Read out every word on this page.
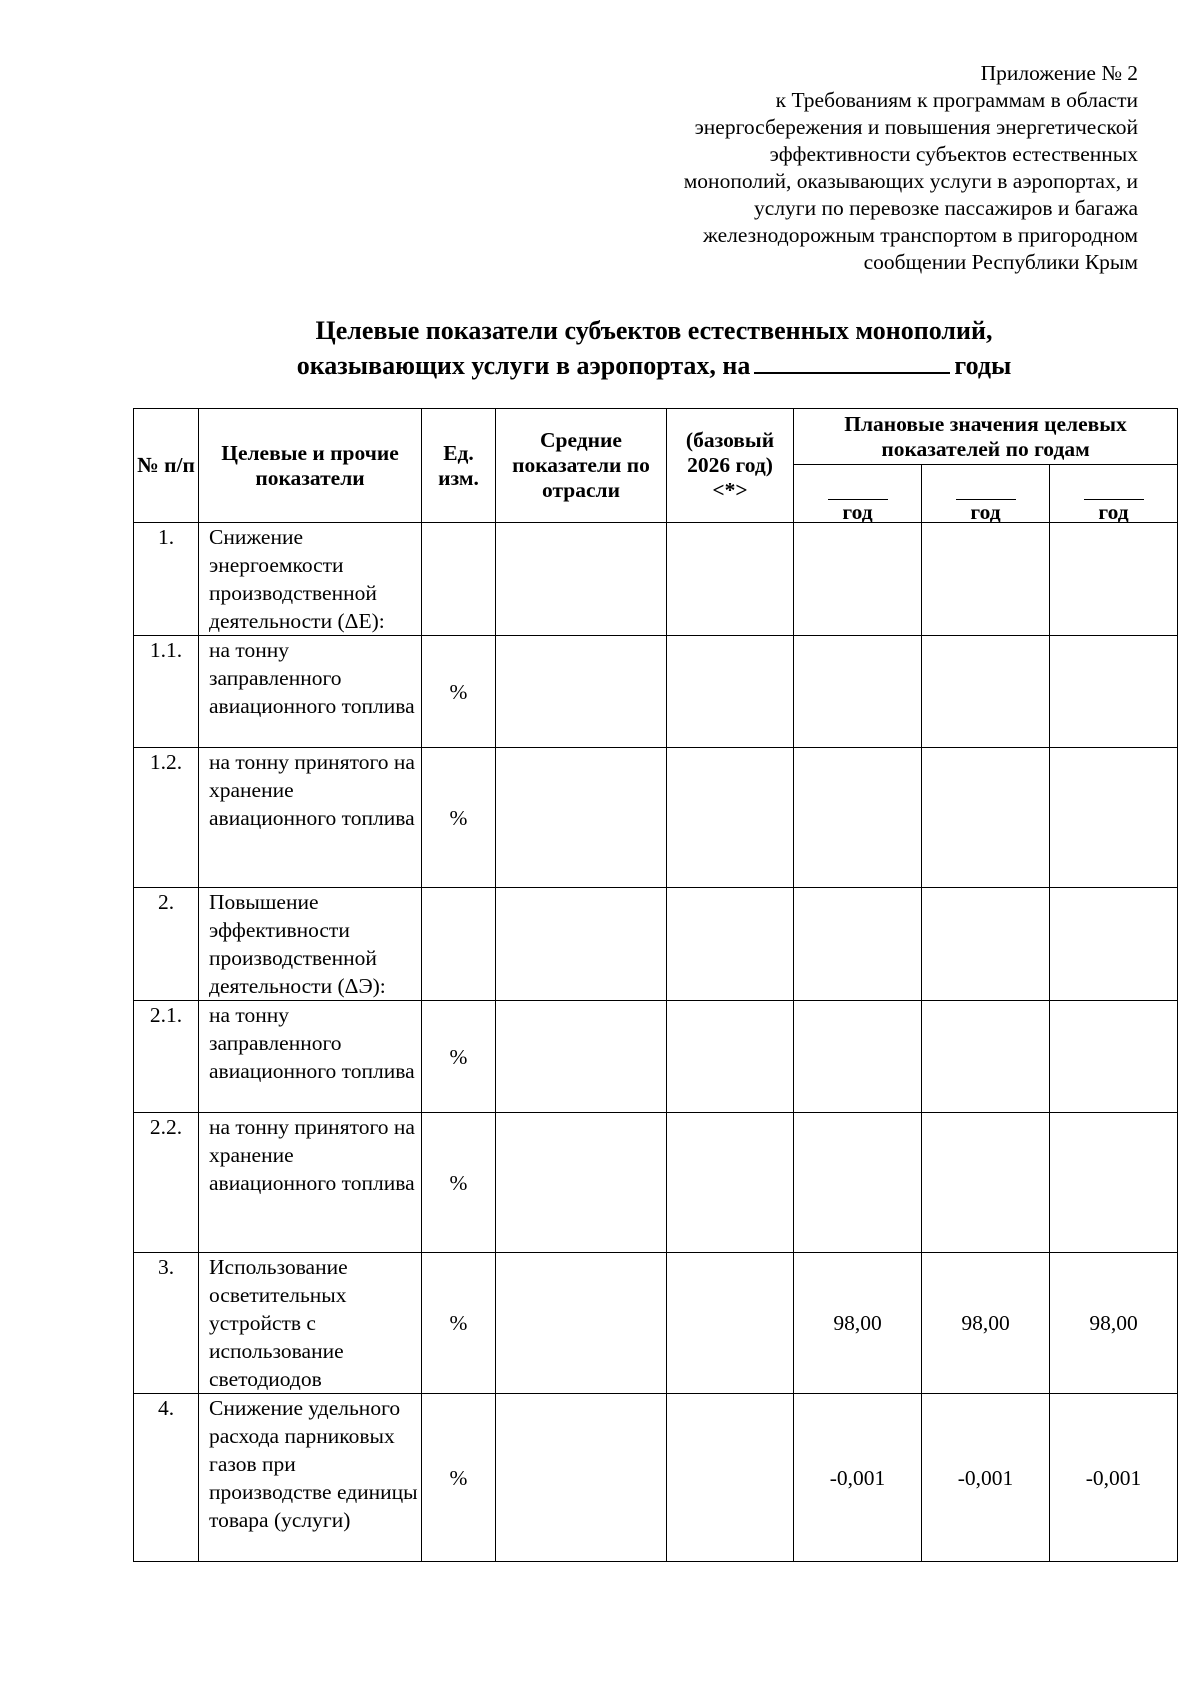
Приложение № 2
к Требованиям к программам в области
энергосбережения и повышения энергетической
эффективности субъектов естественных
монополий, оказывающих услуги в аэропортах, и
услуги по перевозке пассажиров и багажа
железнодорожным транспортом в пригородном
сообщении Республики Крым
Целевые показатели субъектов естественных монополий,
оказывающих услуги в аэропортах, на	годы
№ п/п	Целевые и прочие показатели	Ед. изм.	Средние показатели по отрасли	(базовый 2026 год) <*>	Плановые значения целевых показателей по годам		

					год	год	год

1.	Снижение энергоемкости производственной деятельности (ΔЕ):						
1.1.	на тонну заправленного авиационного топлива	%					
1.2.	на тонну принятого на хранение авиационного топлива	%					
2.	Повышение эффективности производственной деятельности (ΔЭ):						
2.1.	на тонну заправленного авиационного топлива	%					
2.2.	на тонну принятого на хранение авиационного топлива	%					
3.	Использование осветительных устройств с использование светодиодов	%			98,00	98,00	98,00
4.	Снижение удельного расхода парниковых газов при производстве единицы товара (услуги)	%			-0,001	-0,001	-0,001
